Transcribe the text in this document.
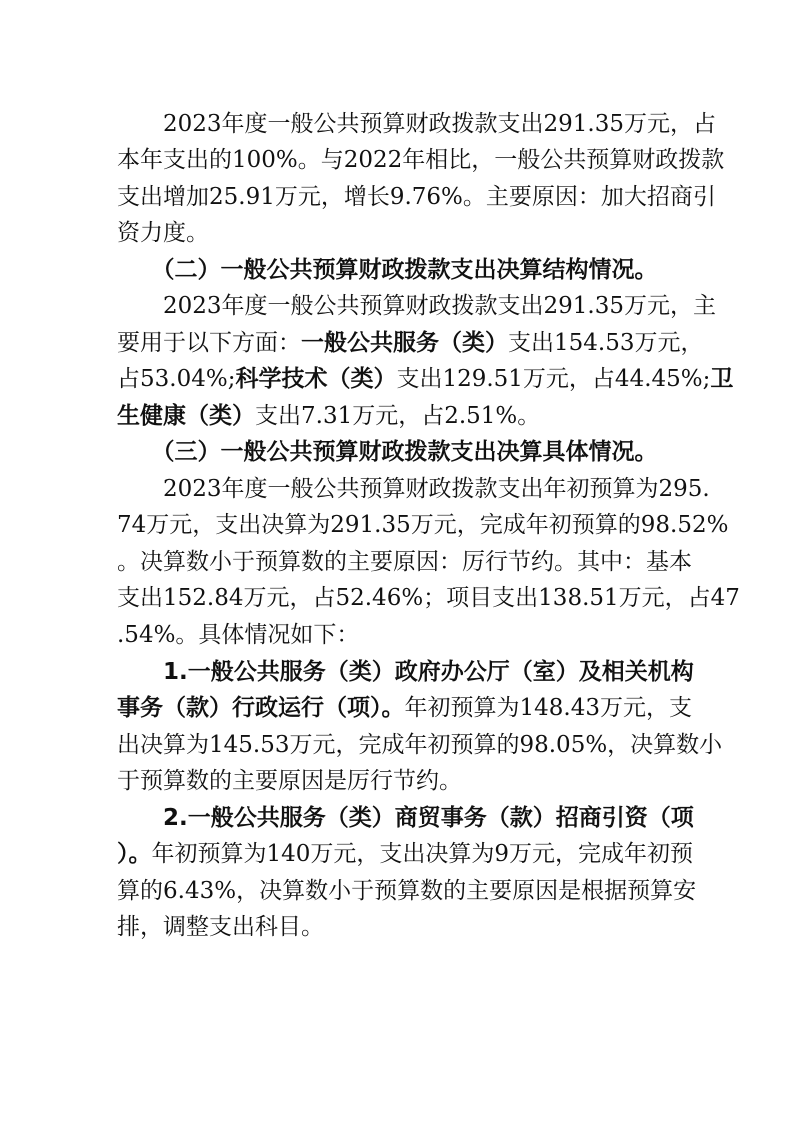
　　2023年度一般公共预算财政拨款支出291.35万元，占
本年支出的100%。与2022年相比，一般公共预算财政拨款
支出增加25.91万元，增长9.76%。主要原因：加大招商引
资力度。
　　（二）一般公共预算财政拨款支出决算结构情况。
　　2023年度一般公共预算财政拨款支出291.35万元，主
要用于以下方面：一般公共服务（类）支出154.53万元，
占53.04%;科学技术（类）支出129.51万元，占44.45%;卫
生健康（类）支出7.31万元，占2.51%。
　　（三）一般公共预算财政拨款支出决算具体情况。
　　2023年度一般公共预算财政拨款支出年初预算为295.
74万元，支出决算为291.35万元，完成年初预算的98.52%
。决算数小于预算数的主要原因：厉行节约。其中：基本
支出152.84万元，占52.46%；项目支出138.51万元，占47
.54%。具体情况如下：
　　1.一般公共服务（类）政府办公厅（室）及相关机构
事务（款）行政运行（项）。年初预算为148.43万元，支
出决算为145.53万元，完成年初预算的98.05%，决算数小
于预算数的主要原因是厉行节约。
　　2.一般公共服务（类）商贸事务（款）招商引资（项
）。年初预算为140万元，支出决算为9万元，完成年初预
算的6.43%，决算数小于预算数的主要原因是根据预算安
排，调整支出科目。
